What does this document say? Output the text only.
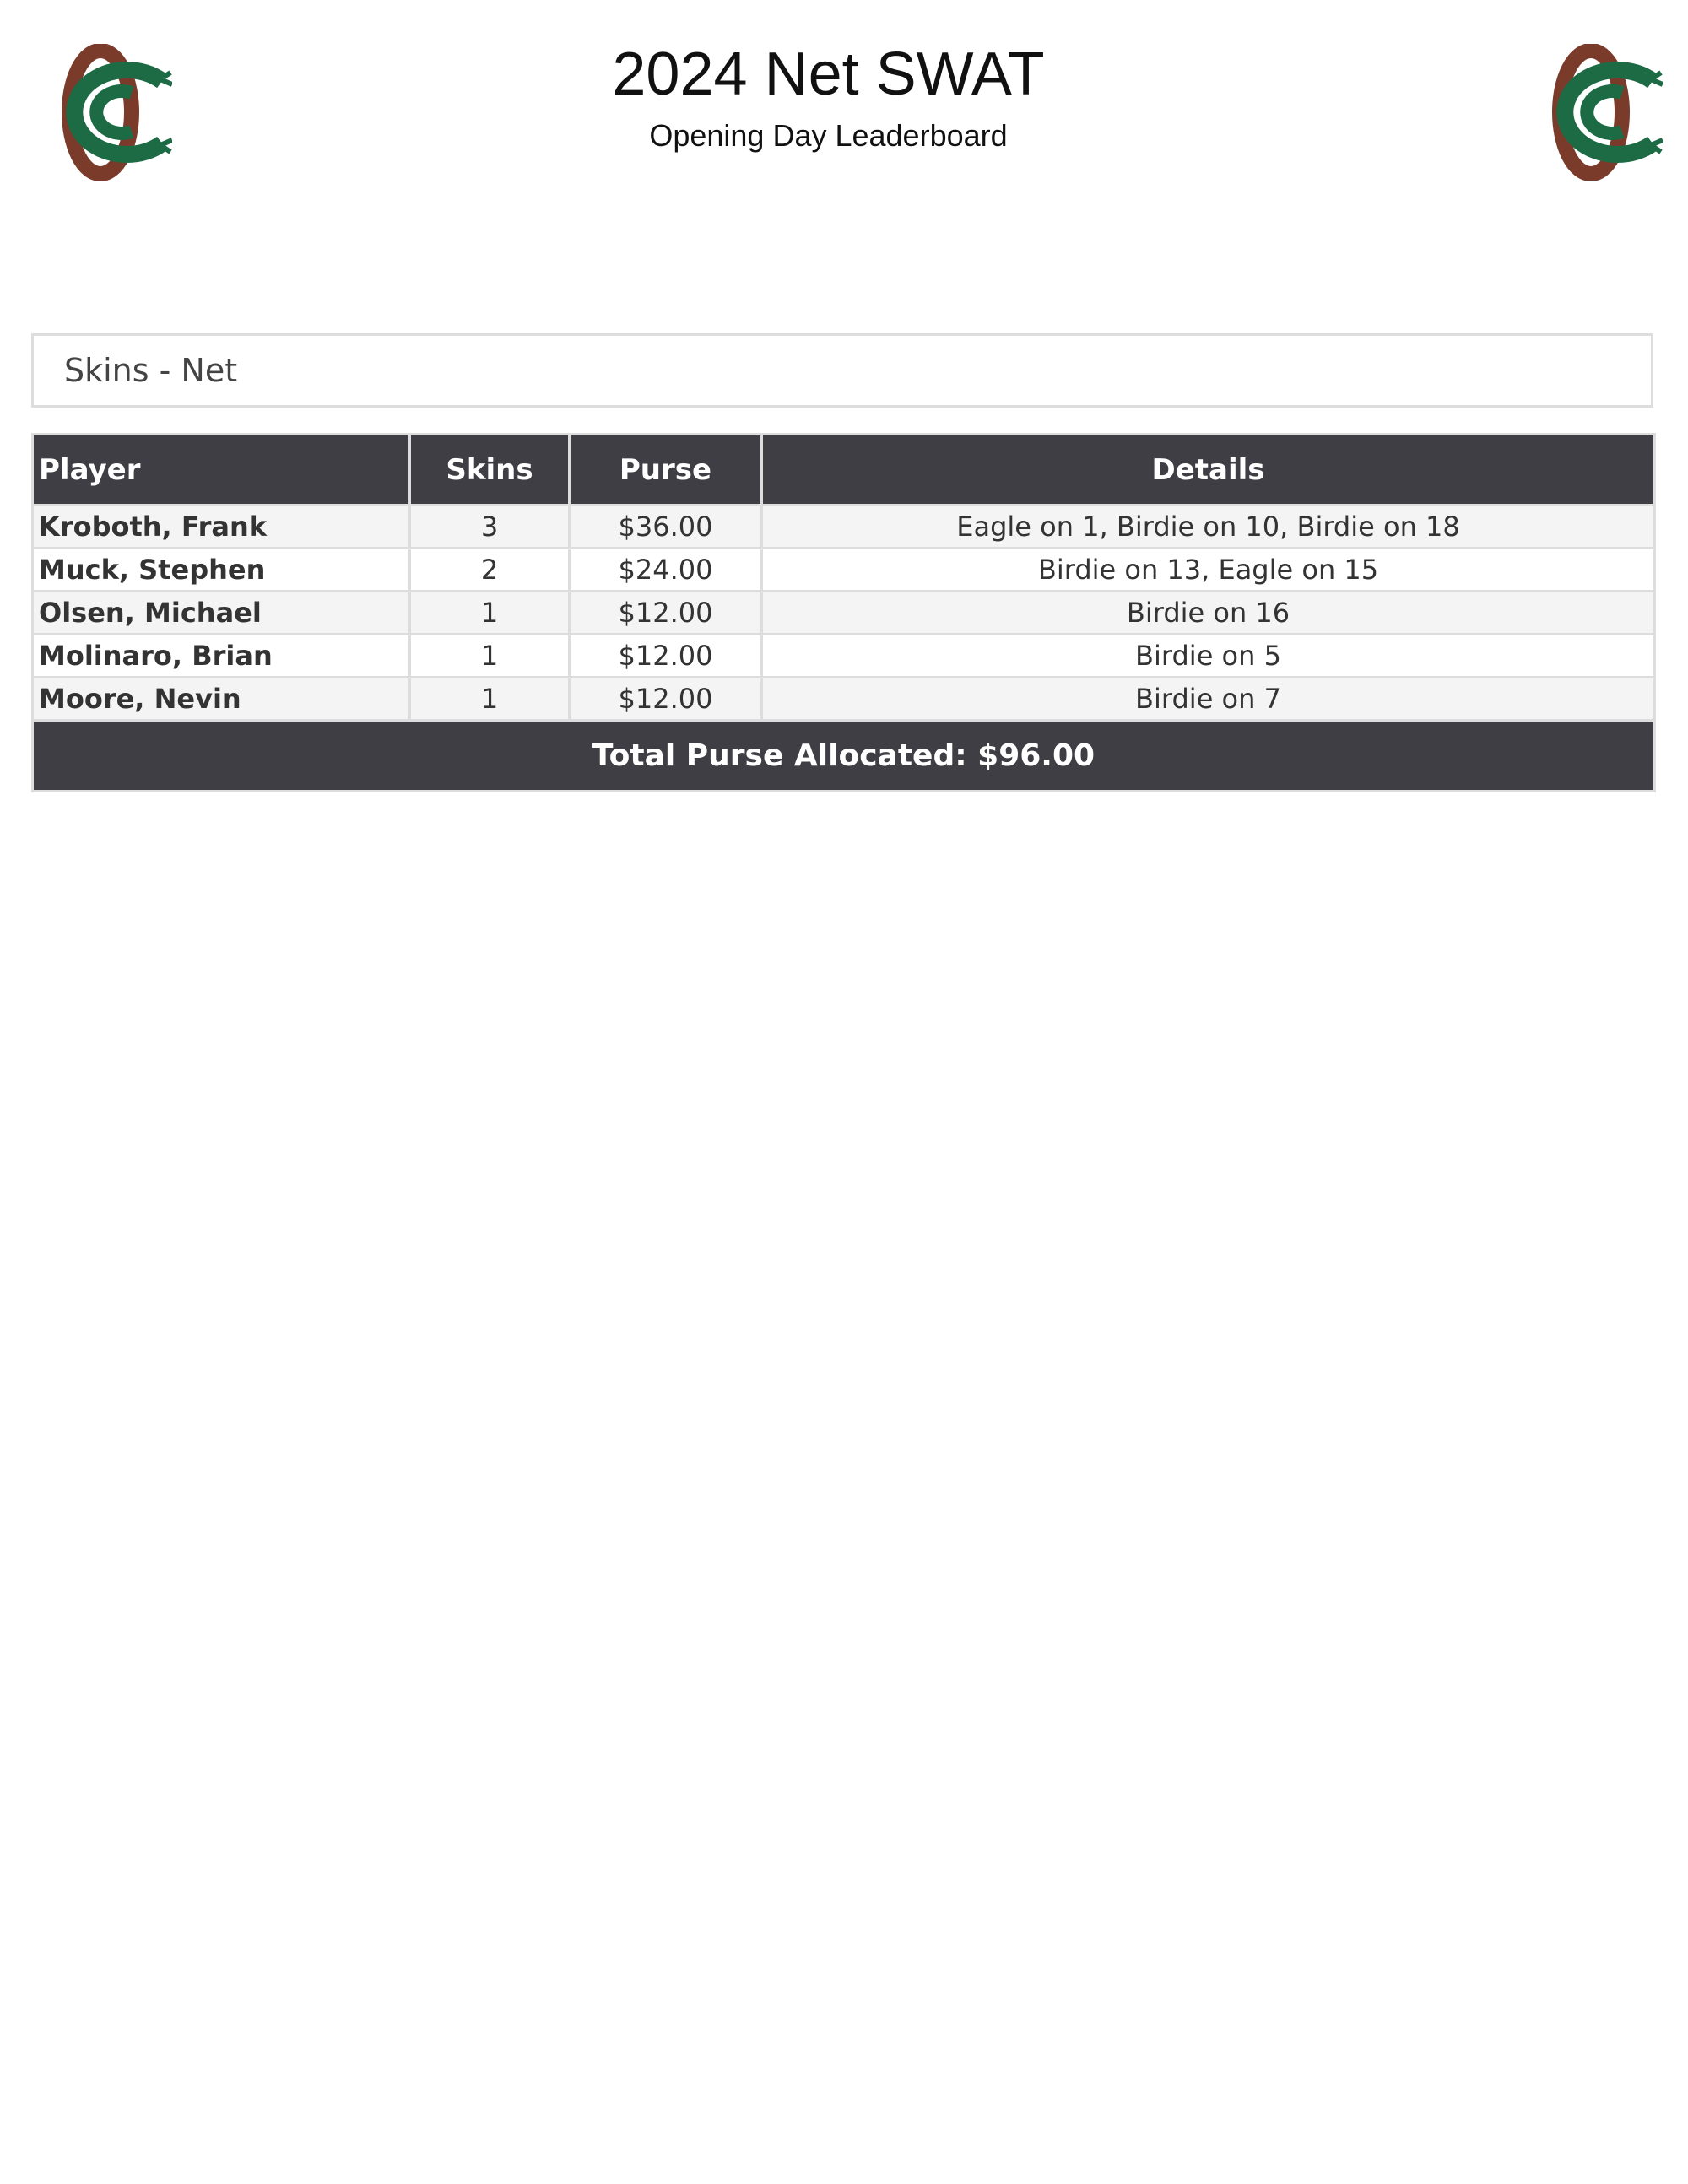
2024 Net SWAT
Opening Day Leaderboard
Skins - Net
Player	Skins	Purse	Details
Kroboth, Frank	3	$36.00	Eagle on 1, Birdie on 10, Birdie on 18
Muck, Stephen	2	$24.00	Birdie on 13, Eagle on 15
Olsen, Michael	1	$12.00	Birdie on 16
Molinaro, Brian	1	$12.00	Birdie on 5
Moore, Nevin	1	$12.00	Birdie on 7
Total Purse Allocated: $96.00			
